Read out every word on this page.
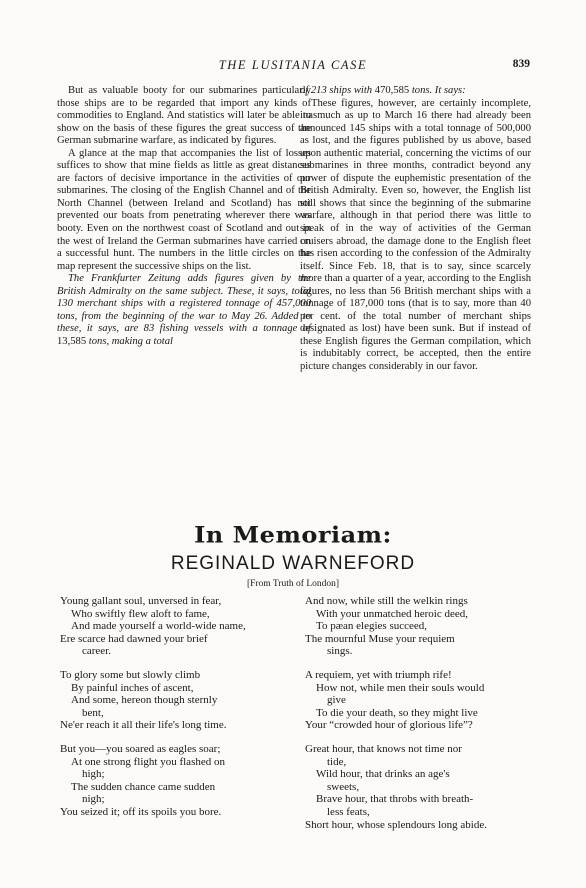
THE LUSITANIA CASE	839

But as valuable booty for our submarines particularly those ships are to be regarded that import any kinds of commodities to England. And statistics will later be able to show on the basis of these figures the great success of the German submarine warfare, as indicated by figures.

A glance at the map that accompanies the list of losses suffices to show that mine fields as little as great distances are factors of decisive importance in the activities of our submarines. The closing of the English Channel and of the North Channel (between Ireland and Scotland) has not prevented our boats from penetrating wherever there was booty. Even on the northwest coast of Scotland and out in the west of Ireland the German submarines have carried on a successful hunt. The numbers in the little circles on the map represent the successive ships on the list.

The Frankfurter Zeitung adds figures given by the British Admiralty on the same subject. These, it says, total 130 merchant ships with a registered tonnage of 457,000 tons, from the beginning of the war to May 26. Added to these, it says, are 83 fishing vessels with a tonnage of 13,585 tons, making a total

of 213 ships with 470,585 tons. It says:

These figures, however, are certainly incomplete, inasmuch as up to March 16 there had already been announced 145 ships with a total tonnage of 500,000 as lost, and the figures published by us above, based upon authentic material, concerning the victims of our submarines in three months, contradict beyond any power of dispute the euphemistic presentation of the British Admiralty. Even so, however, the English list still shows that since the beginning of the submarine warfare, although in that period there was little to speak of in the way of activities of the German cruisers abroad, the damage done to the English fleet has risen according to the confession of the Admiralty itself. Since Feb. 18, that is to say, since scarcely more than a quarter of a year, according to the English figures, no less than 56 British merchant ships with a tonnage of 187,000 tons (that is to say, more than 40 per cent. of the total number of merchant ships designated as lost) have been sunk. But if instead of these English figures the German compilation, which is indubitably correct, be accepted, then the entire picture changes considerably in our favor.

In Memoriam:
REGINALD WARNEFORD
[From Truth of London]
Young gallant soul, unversed in fear,
Who swiftly flew aloft to fame,
And made yourself a world-wide name,
Ere scarce had dawned your brief
career.
To glory some but slowly climb
By painful inches of ascent,
And some, hereon though sternly
bent,
Ne'er reach it all their life's long time.
But you—you soared as eagles soar;
At one strong flight you flashed on
high;
The sudden chance came sudden
nigh;
You seized it; off its spoils you bore.
And now, while still the welkin rings
With your unmatched heroic deed,
To pæan elegies succeed,
The mournful Muse your requiem
sings.
A requiem, yet with triumph rife!
How not, while men their souls would
give
To die your death, so they might live
Your “crowded hour of glorious life”?
Great hour, that knows not time nor
tide,
Wild hour, that drinks an age's
sweets,
Brave hour, that throbs with breath-
less feats,
Short hour, whose splendours long abide.
